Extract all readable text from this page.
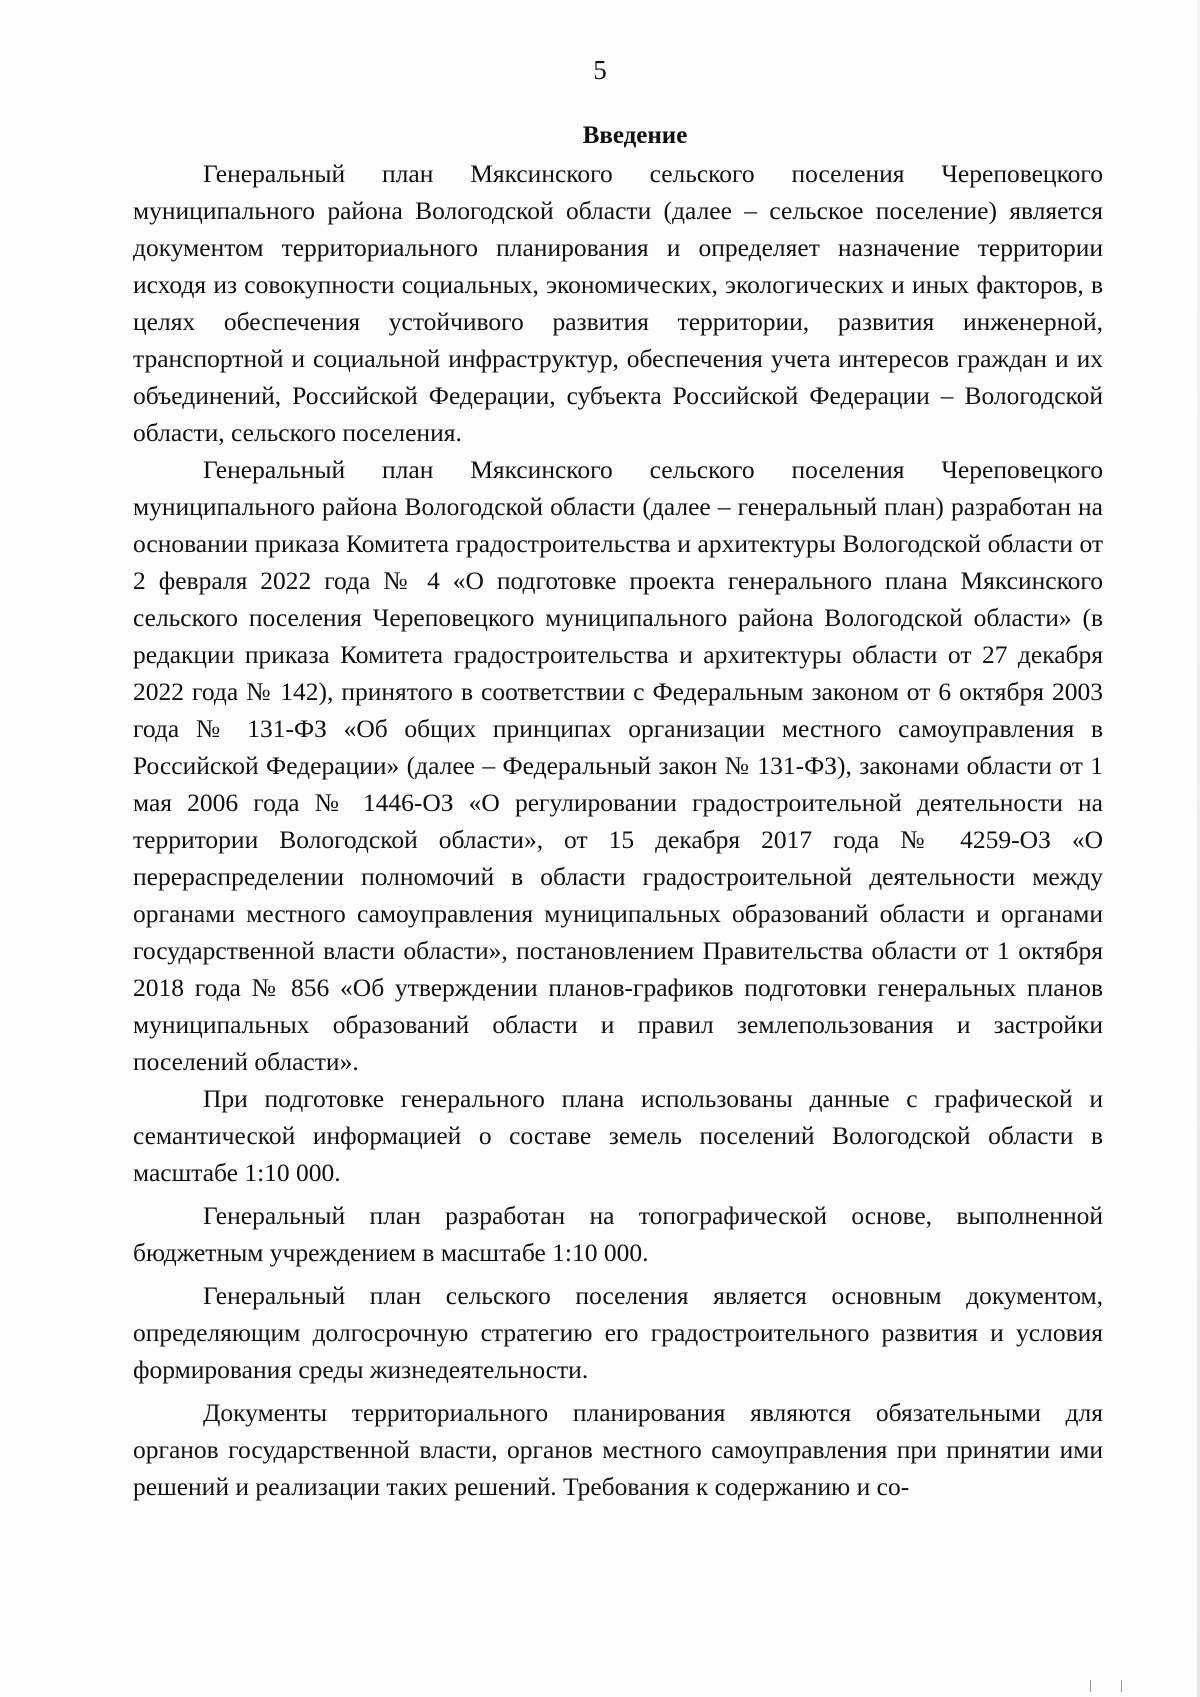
5
Введение

Генеральный план Мяксинского сельского поселения Череповецкого муниципального района Вологодской области (далее – сельское поселение) является документом территориального планирования и определяет назначение территории исходя из совокупности социальных, экономических, экологических и иных факторов, в целях обеспечения устойчивого развития территории, развития инженерной, транспортной и социальной инфраструктур, обеспечения учета интересов граждан и их объединений, Российской Федерации, субъекта Российской Федерации – Вологодской области, сельского поселения.

Генеральный план Мяксинского сельского поселения Череповецкого муниципального района Вологодской области (далее – генеральный план) разработан на основании приказа Комитета градостроительства и архитектуры Вологодской области от 2 февраля 2022 года № 4 «О подготовке проекта генерального плана Мяксинского сельского поселения Череповецкого муниципального района Вологодской области» (в редакции приказа Комитета градостроительства и архитектуры области от 27 декабря 2022 года № 142), принятого в соответствии с Федеральным законом от 6 октября 2003 года № 131-ФЗ «Об общих принципах организации местного самоуправления в Российской Федерации» (далее – Федеральный закон № 131-ФЗ), законами области от 1 мая 2006 года № 1446-ОЗ «О регулировании градостроительной деятельности на территории Вологодской области», от 15 декабря 2017 года № 4259-ОЗ «О перераспределении полномочий в области градостроительной деятельности между органами местного самоуправления муниципальных образований области и органами государственной власти области», постановлением Правительства области от 1 октября 2018 года № 856 «Об утверждении планов-графиков подготовки генеральных планов муниципальных образований области и правил землепользования и застройки поселений области».

При подготовке генерального плана использованы данные с графической и семантической информацией о составе земель поселений Вологодской области в масштабе 1:10 000.

Генеральный план разработан на топографической основе, выполненной бюджетным учреждением в масштабе 1:10 000.

Генеральный план сельского поселения является основным документом, определяющим долгосрочную стратегию его градостроительного развития и условия формирования среды жизнедеятельности.

Документы территориального планирования являются обязательными для органов государственной власти, органов местного самоуправления при принятии ими решений и реализации таких решений. Требования к содержанию и со-
